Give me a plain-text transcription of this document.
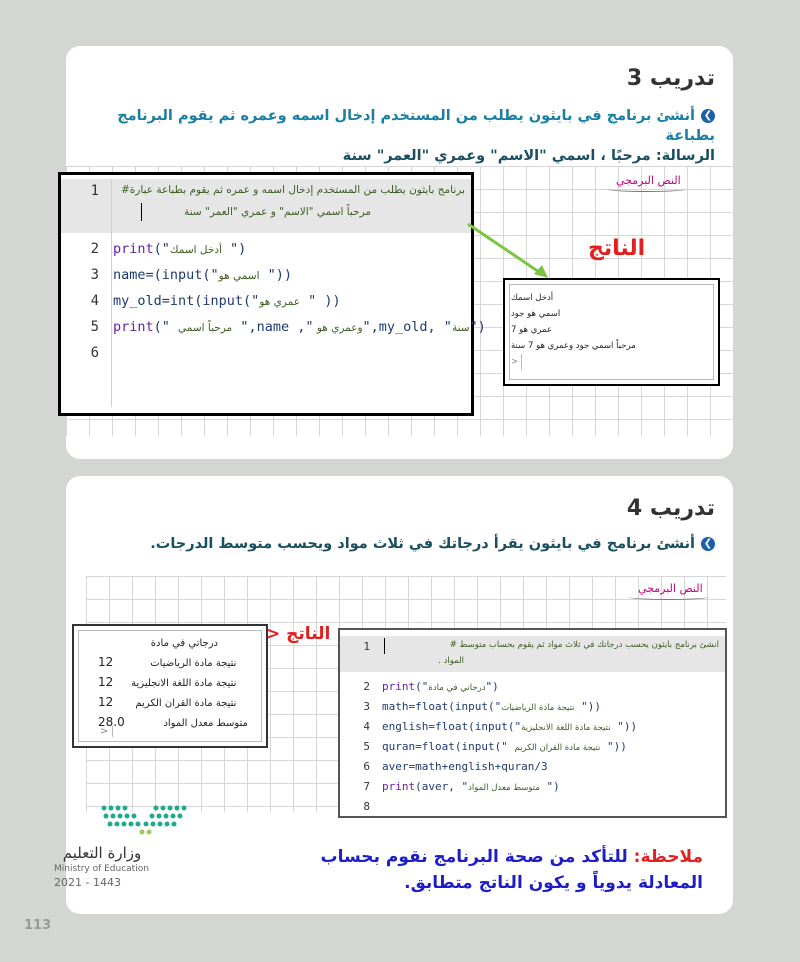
تدريب 3
❯أنشئ برنامج في بايثون يطلب من المستخدم إدخال اسمه وعمره ثم يقوم البرنامج بطباعة
الرسالة: مرحبًا ، اسمي "الاسم" وعمري "العمر" سنة
النص البرمجي
1 برنامج بايثون يطلب من المستخدم إدخال اسمه و عمره ثم يقوم بطباعة عبارة#
مرحباً اسمي "الاسم" و عمري "العمر" سنة
2 print("أدخل اسمك ")
3 name=(input("اسمي هو "))
4 my_old=int(input("عمري هو " ))
5 print(" مرحباً اسمي ",name ," وعمري هو",my_old, "سنة")
6
الناتج
أدخل اسمك
اسمي هو جود
عمري هو 7
مرحباً اسمي جود وعمري هو 7 سنة
>
تدريب 4
❯أنشئ برنامج في بايثون يقرأ درجاتك في ثلاث مواد ويحسب متوسط الدرجات.
النص البرمجي
درجاتي في مادة
12	نتيجة مادة الرياضيات
12 نتيجة مادة اللغة الانجليزية
12 نتيجة مادة القران الكريم
28.0	متوسط معدل المواد
>
الناتج <
1	انشئ برنامج بايثون يحسب درجاتك في ثلاث مواد ثم يقوم بحساب متوسط #
المواد .
2 print("درجاتي في مادة")
3 math=float(input("نتيجة مادة الرياضيات "))
4 english=float(input("نتيجة مادة اللغة الانجليزية "))
5 quran=float(input(" نتيجة مادة القران الكريم "))
6 aver=math+english+quran/3
7 print(aver, "متوسط معدل المواد ")
8
وزارة التعليم
Ministry of Education
2021 - 1443
ملاحظة: للتأكد من صحة البرنامج نقوم بحساب
المعادلة يدوياً و يكون الناتج متطابق.
113
